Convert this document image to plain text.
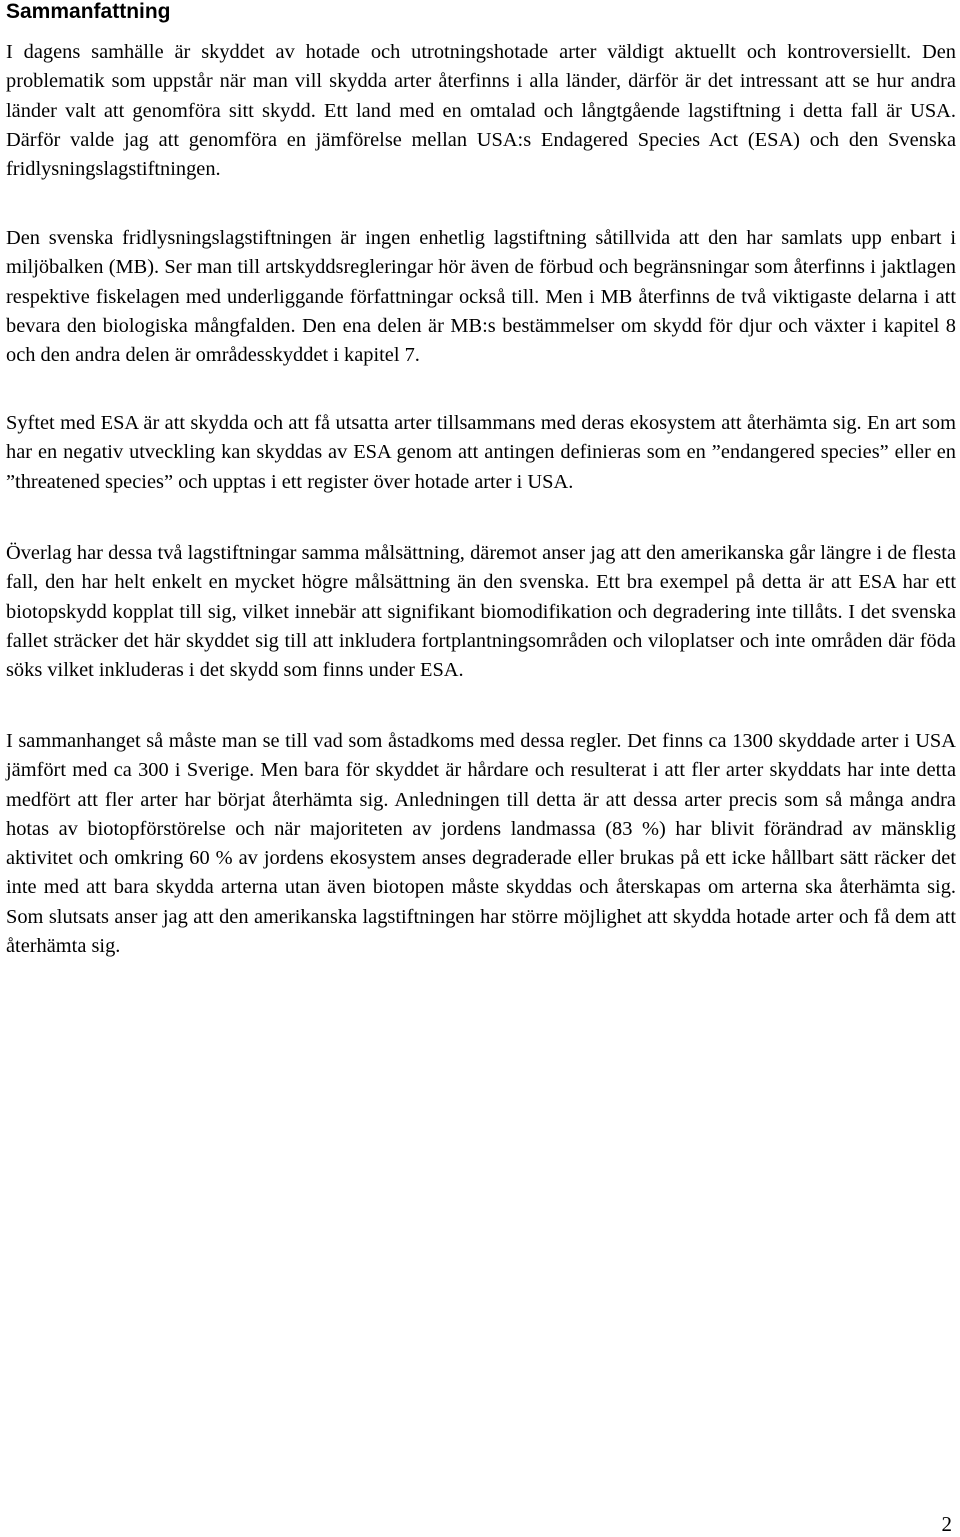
Sammanfattning

I dagens samhälle är skyddet av hotade och utrotningshotade arter väldigt aktuellt och kontroversiellt. Den problematik som uppstår när man vill skydda arter återfinns i alla länder, därför är det intressant att se hur andra länder valt att genomföra sitt skydd. Ett land med en omtalad och långtgående lagstiftning i detta fall är USA. Därför valde jag att genomföra en jämförelse mellan USA:s Endagered Species Act (ESA) och den Svenska fridlysningslagstiftningen.

Den svenska fridlysningslagstiftningen är ingen enhetlig lagstiftning såtillvida att den har samlats upp enbart i miljöbalken (MB). Ser man till artskyddsregleringar hör även de förbud och begränsningar som återfinns i jaktlagen respektive fiskelagen med underliggande författningar också till. Men i MB återfinns de två viktigaste delarna i att bevara den biologiska mångfalden. Den ena delen är MB:s bestämmelser om skydd för djur och växter i kapitel 8 och den andra delen är områdesskyddet i kapitel 7.

Syftet med ESA är att skydda och att få utsatta arter tillsammans med deras ekosystem att återhämta sig. En art som har en negativ utveckling kan skyddas av ESA genom att antingen definieras som en ”endangered species” eller en ”threatened species” och upptas i ett register över hotade arter i USA.

Överlag har dessa två lagstiftningar samma målsättning, däremot anser jag att den amerikanska går längre i de flesta fall, den har helt enkelt en mycket högre målsättning än den svenska. Ett bra exempel på detta är att ESA har ett biotopskydd kopplat till sig, vilket innebär att signifikant biomodifikation och degradering inte tillåts. I det svenska fallet sträcker det här skyddet sig till att inkludera fortplantningsområden och viloplatser och inte områden där föda söks vilket inkluderas i det skydd som finns under ESA.

I sammanhanget så måste man se till vad som åstadkoms med dessa regler. Det finns ca 1300 skyddade arter i USA jämfört med ca 300 i Sverige. Men bara för skyddet är hårdare och resulterat i att fler arter skyddats har inte detta medfört att fler arter har börjat återhämta sig. Anledningen till detta är att dessa arter precis som så många andra hotas av biotopförstörelse och när majoriteten av jordens landmassa (83 %) har blivit förändrad av mänsklig aktivitet och omkring 60 % av jordens ekosystem anses degraderade eller brukas på ett icke hållbart sätt räcker det inte med att bara skydda arterna utan även biotopen måste skyddas och återskapas om arterna ska återhämta sig. Som slutsats anser jag att den amerikanska lagstiftningen har större möjlighet att skydda hotade arter och få dem att återhämta sig.

2
